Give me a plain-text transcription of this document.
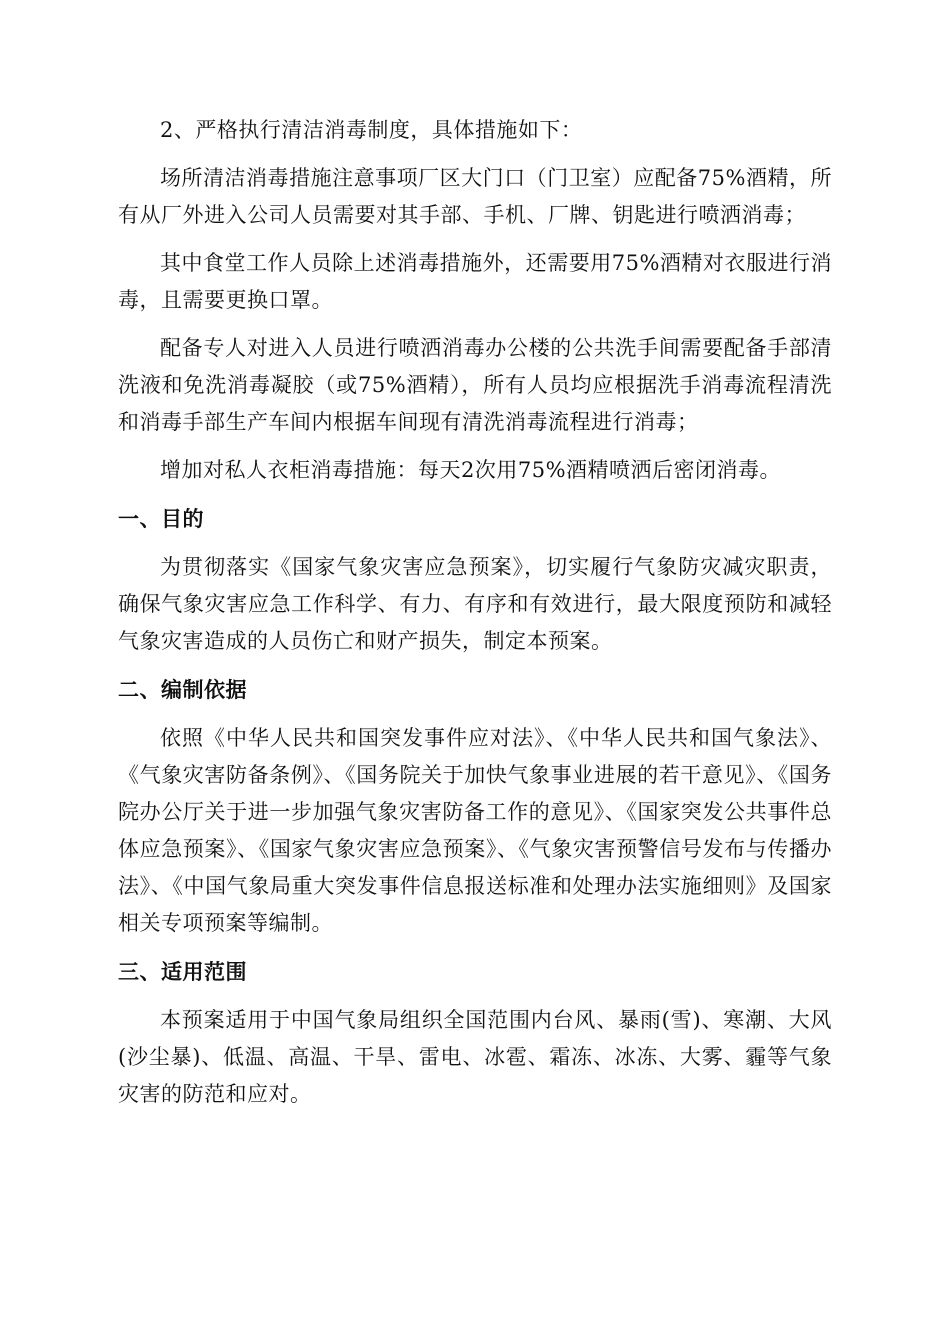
2、严格执行清洁消毒制度，具体措施如下：

场所清洁消毒措施注意事项厂区大门口（门卫室）应配备75%酒精，所有从厂外进入公司人员需要对其手部、手机、厂牌、钥匙进行喷洒消毒；

其中食堂工作人员除上述消毒措施外，还需要用75%酒精对衣服进行消毒，且需要更换口罩。

配备专人对进入人员进行喷洒消毒办公楼的公共洗手间需要配备手部清洗液和免洗消毒凝胶（或75%酒精），所有人员均应根据洗手消毒流程清洗和消毒手部生产车间内根据车间现有清洗消毒流程进行消毒；

增加对私人衣柜消毒措施：每天2次用75%酒精喷洒后密闭消毒。

一、目的

为贯彻落实《国家气象灾害应急预案》，切实履行气象防灾减灾职责，确保气象灾害应急工作科学、有力、有序和有效进行，最大限度预防和减轻气象灾害造成的人员伤亡和财产损失，制定本预案。

二、编制依据

依照《中华人民共和国突发事件应对法》、《中华人民共和国气象法》、《气象灾害防备条例》、《国务院关于加快气象事业进展的若干意见》、《国务院办公厅关于进一步加强气象灾害防备工作的意见》、《国家突发公共事件总体应急预案》、《国家气象灾害应急预案》、《气象灾害预警信号发布与传播办法》、《中国气象局重大突发事件信息报送标准和处理办法实施细则》及国家相关专项预案等编制。

三、适用范围

本预案适用于中国气象局组织全国范围内台风、暴雨(雪)、寒潮、大风(沙尘暴)、低温、高温、干旱、雷电、冰雹、霜冻、冰冻、大雾、霾等气象灾害的防范和应对。
